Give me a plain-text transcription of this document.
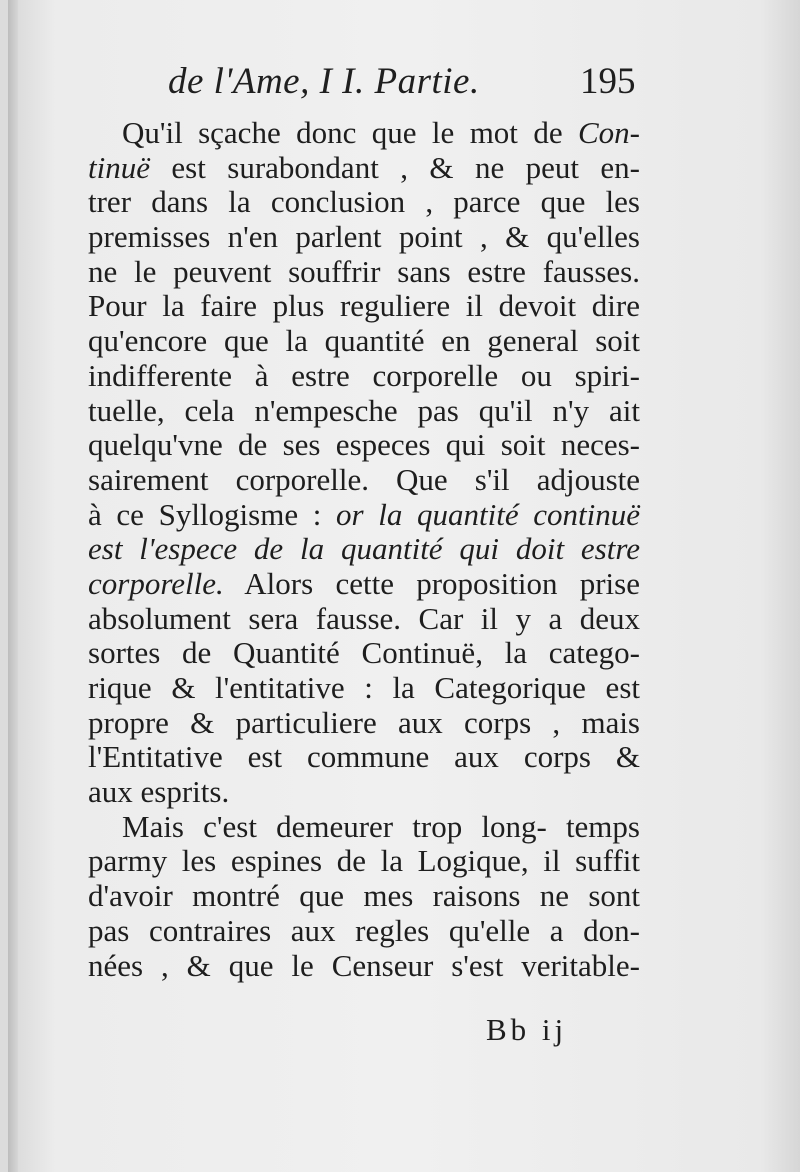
de l'Ame, I I. Partie.	195
Qu'il sçache donc que le mot de Con-
tinuë est surabondant , & ne peut en-
trer dans la conclusion , parce que les
premisses n'en parlent point , & qu'elles
ne le peuvent souffrir sans estre fausses.
Pour la faire plus reguliere il devoit dire
qu'encore que la quantité en general soit
indifferente à estre corporelle ou spiri-
tuelle, cela n'empesche pas qu'il n'y ait
quelqu'vne de ses especes qui soit neces-
sairement corporelle. Que s'il adjouste
à ce Syllogisme : or la quantité continuë
est l'espece de la quantité qui doit estre
corporelle. Alors cette proposition prise
absolument sera fausse. Car il y a deux
sortes de Quantité Continuë, la catego-
rique & l'entitative : la Categorique est
propre & particuliere aux corps , mais
l'Entitative est commune aux corps &
aux esprits.
Mais c'est demeurer trop long- temps
parmy les espines de la Logique, il suffit
d'avoir montré que mes raisons ne sont
pas contraires aux regles qu'elle a don-
nées , & que le Censeur s'est veritable-
Bb ij
